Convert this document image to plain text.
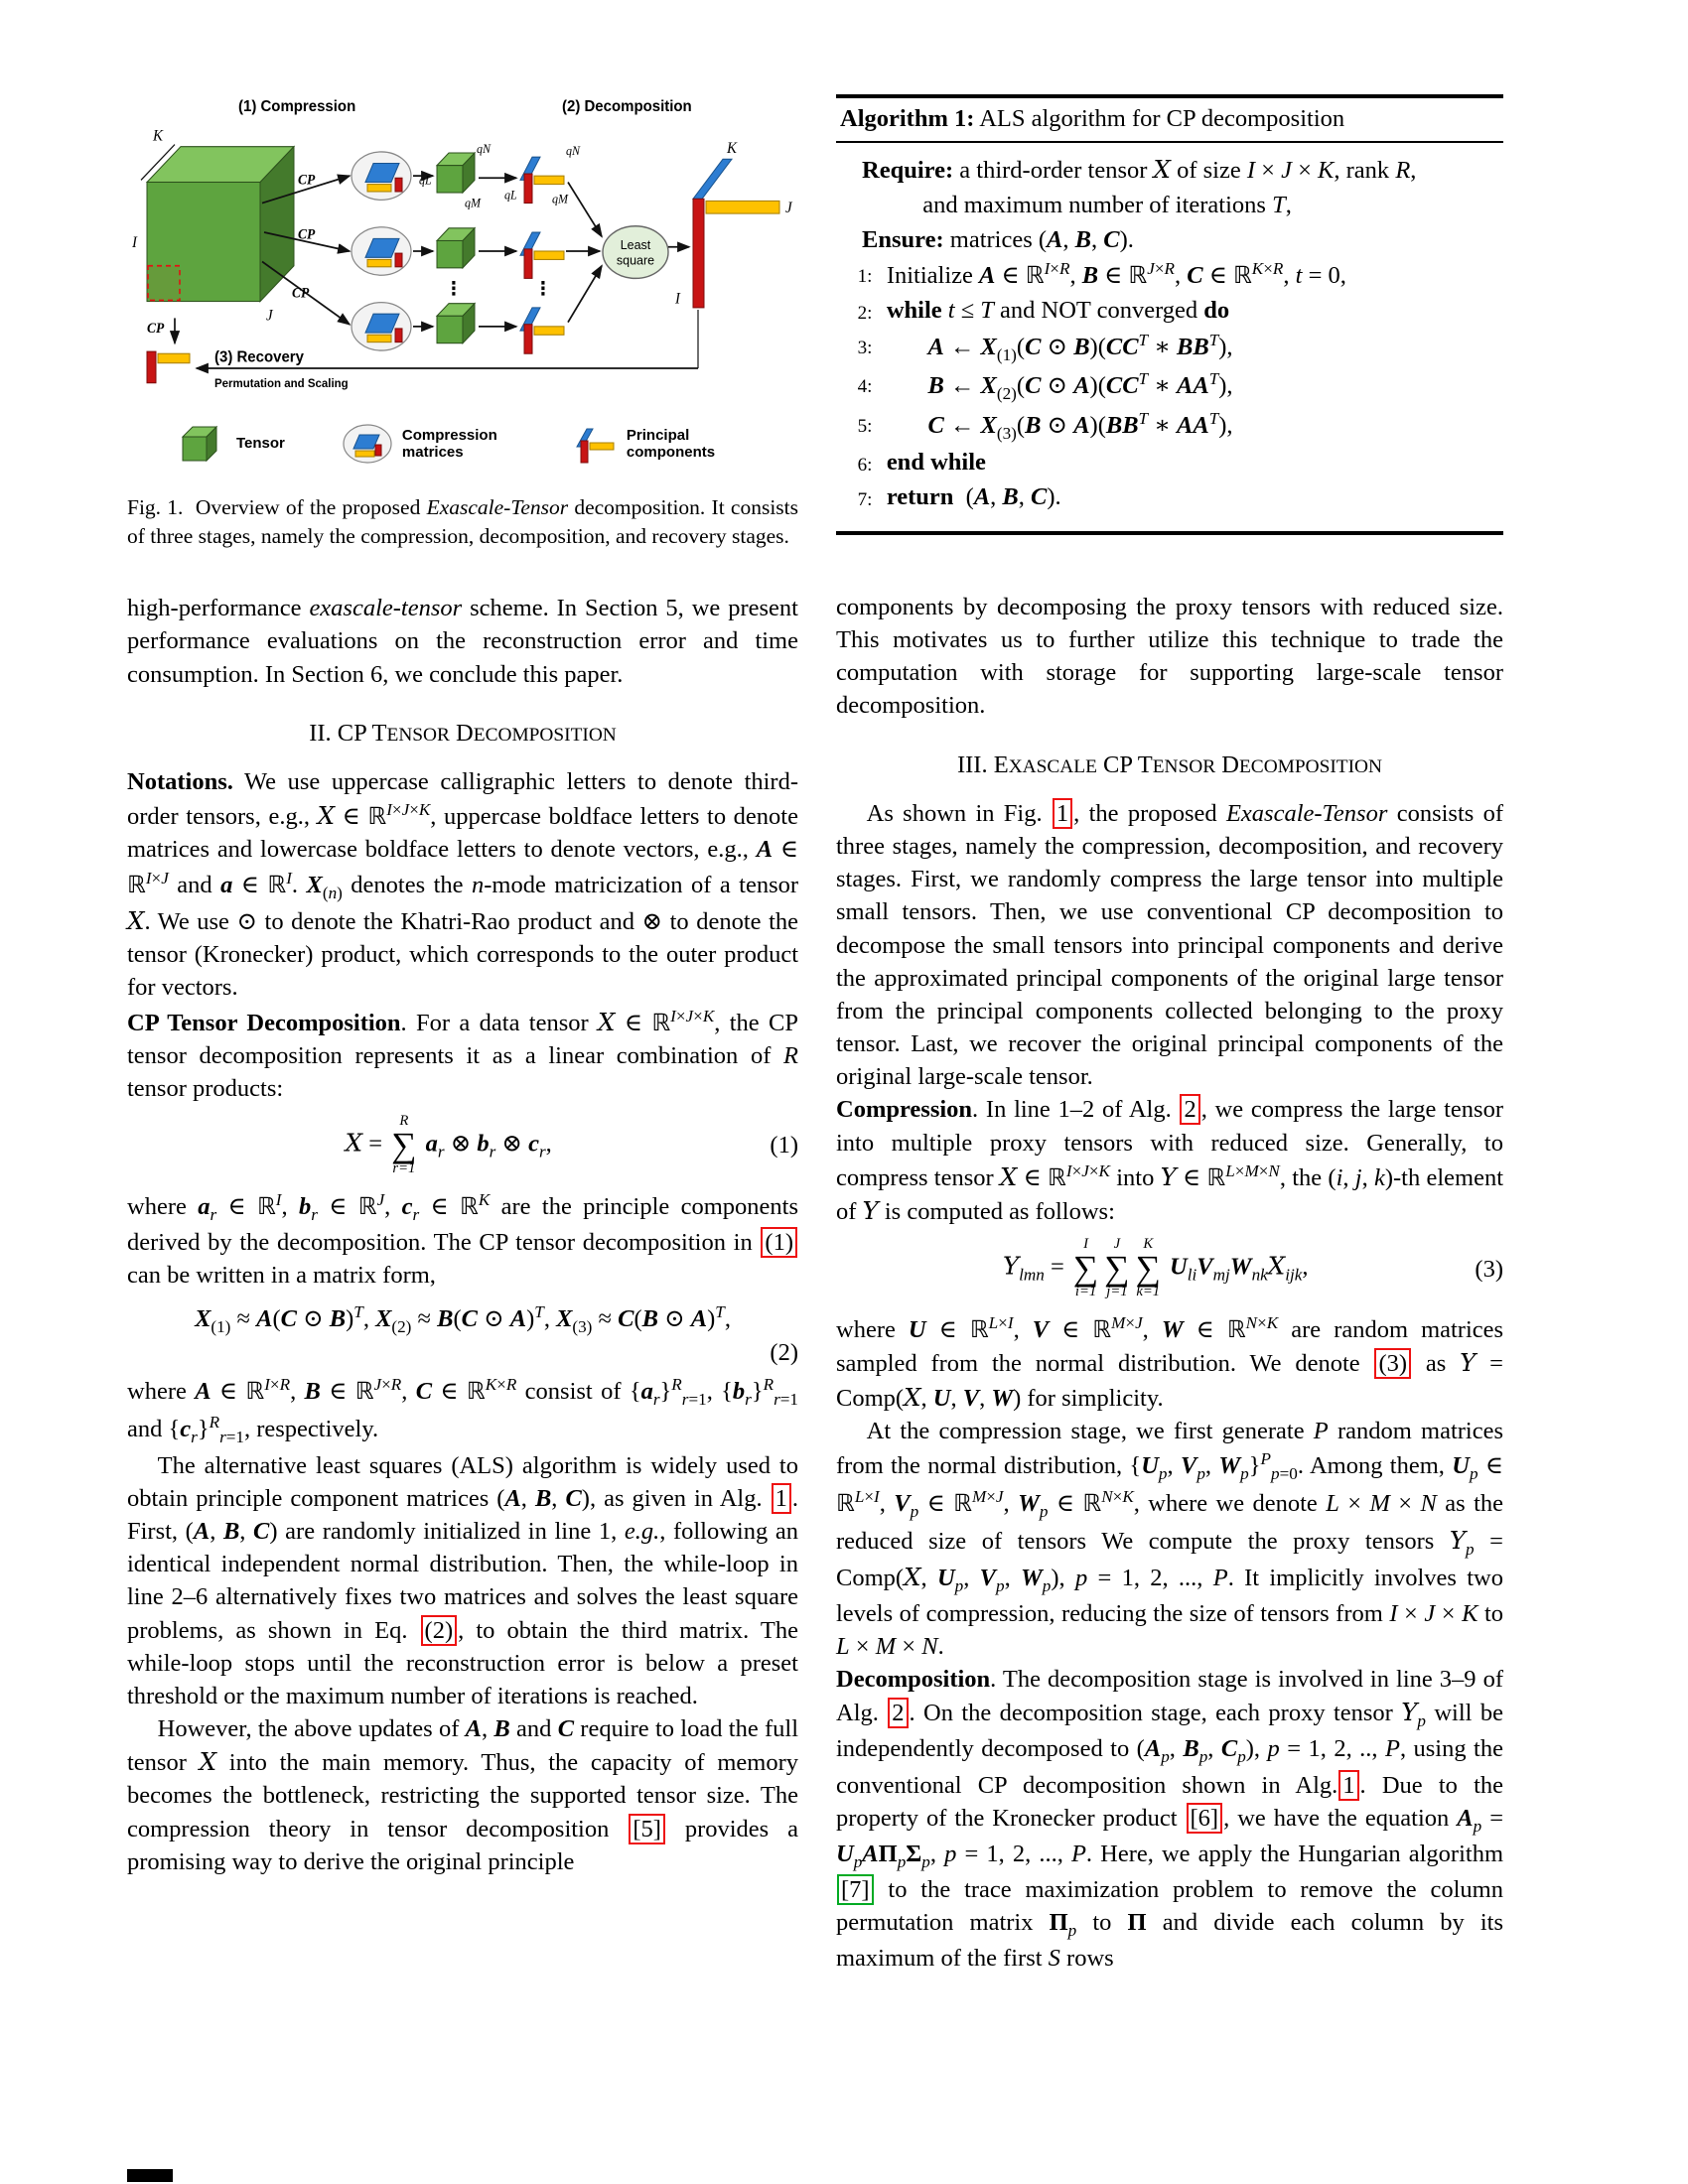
(1) Compression	(2) Decomposition
K
I
J
CP
CP
CP
CP
qN
qL
qM
⋮
qN
qL	qM
⋮
Least
square
K
J
I
(3) Recovery
Permutation and Scaling
Tensor
Compression matrices
Principal components
Fig. 1.  Overview of the proposed Exascale-Tensor decomposition. It consists of three stages, namely the compression, decomposition, and recovery stages.

high-performance exascale-tensor scheme. In Section 5, we present performance evaluations on the reconstruction error and time consumption. In Section 6, we conclude this paper.

II. CP TENSOR DECOMPOSITION

Notations. We use uppercase calligraphic letters to denote third-order tensors, e.g., X ∈ ℝ$^{I\times J\times K}$, uppercase boldface letters to denote matrices and lowercase boldface letters to denote vectors, e.g., A ∈ ℝ$^{I\times J}$ and a ∈ ℝ$^I$. $X_{(n)}$ denotes the n-mode matricization of a tensor X. We use ⊙ to denote the Khatri-Rao product and ⊗ to denote the tensor (Kronecker) product, which corresponds to the outer product for vectors.

CP Tensor Decomposition. For a data tensor X ∈ ℝ$^{I\times J\times K}$, the CP tensor decomposition represents it as a linear combination of R tensor products:

X =
R
∑
r=1
$a_r$ ⊗ $b_r$ ⊗ $c_r$,	(1)

where $a_r$ ∈ ℝ$^I$, $b_r$ ∈ ℝ$^J$, $c_r$ ∈ ℝ$^K$ are the principle components derived by the decomposition. The CP tensor decomposition in (1) can be written in a matrix form,

$X_{(1)} \approx A(C$ ⊙ B)$^T$, $X_{(2)} \approx B(C$ ⊙ A)$^T$, $X_{(3)} \approx C(B$ ⊙ A)$^T$,
(2)

where A ∈ ℝ$^{I\times R}$, B ∈ ℝ$^{J\times R}$, C ∈ ℝ$^{K\times R}$ consist of $\{a_r\}^R_{r=1}$, $\{b_r\}^R_{r=1}$ and $\{c_r\}^R_{r=1}$, respectively.

The alternative least squares (ALS) algorithm is widely used to obtain principle component matrices (A, B, C), as given in Alg. 1 . First, (A, B, C) are randomly initialized in line 1, e.g., following an identical independent normal distribution. Then, the while-loop in line 2–6 alternatively fixes two matrices and solves the least square problems, as shown in Eq. (2) , to obtain the third matrix. The while-loop stops until the reconstruction error is below a preset threshold or the maximum number of iterations is reached.

However, the above updates of A, B and C require to load the full tensor X into the main memory. Thus, the capacity of memory becomes the bottleneck, restricting the supported tensor size. The compression theory in tensor decomposition [5] provides a promising way to derive the original principle

Algorithm 1: ALS algorithm for CP decomposition
Require: a third-order tensor X of size I × J × K, rank R,
and maximum number of iterations T,
Ensure: matrices (A, B, C).
1: Initialize A ∈ ℝ$^{I\times R}$, B ∈ ℝ$^{J\times R}$, C ∈ ℝ$^{K\times R}$, t = 0,
2: while t ≤ T and NOT converged do
3:	A ← $X_{(1)}(C$ ⊙ $B)(CC^T$ ∗ $BB^T$),
4:	B ← $X_{(2)}(C$ ⊙ $A)(CC^T$ ∗ $AA^T$),
5:	C ← $X_{(3)}(B$ ⊙ $A)(BB^T$ ∗ $AA^T$),
6: end while
7: return  (A, B, C).

components by decomposing the proxy tensors with reduced size. This motivates us to further utilize this technique to trade the computation with storage for supporting large-scale tensor decomposition.

III. EXASCALE CP TENSOR DECOMPOSITION

As shown in Fig. 1 , the proposed Exascale-Tensor consists of three stages, namely the compression, decomposition, and recovery stages. First, we randomly compress the large tensor into multiple small tensors. Then, we use conventional CP decomposition to decompose the small tensors into principal components and derive the approximated principal components of the original large tensor from the principal components collected belonging to the proxy tensor. Last, we recover the original principal components of the original large-scale tensor.

Compression. In line 1–2 of Alg. 2 , we compress the large tensor into multiple proxy tensors with reduced size. Generally, to compress tensor X ∈ ℝ$^{I\times J\times K}$ into Y ∈ ℝ$^{L\times M\times N}$, the (i, j, k)-th element of Y is computed as follows:

$Y_{lmn}$ =
I
∑
i=1
J
∑
j=1
K
∑
k=1
$U_{li}V_{mj}W_{nk}X_{ijk}$,	(3)

where U ∈ ℝ$^{L\times I}$, V ∈ ℝ$^{M\times J}$, W ∈ ℝ$^{N\times K}$ are random matrices sampled from the normal distribution. We denote (3) as Y = Comp(X, U, V, W) for simplicity.

At the compression stage, we first generate P random matrices from the normal distribution, {$U_p$, $V_p$, $W_p\}^P_{p=0}$. Among them, $U_p$ ∈ ℝ$^{L\times I}$, $V_p$ ∈ ℝ$^{M\times J}$, $W_p$ ∈ ℝ$^{N\times K}$, where we denote L × M × N as the reduced size of tensors We compute the proxy tensors $Y_p$ = Comp(X, $U_p$, $V_p$, $W_p$), p = 1, 2, ..., P. It implicitly involves two levels of compression, reducing the size of tensors from I × J × K to L × M × N.

Decomposition. The decomposition stage is involved in line 3–9 of Alg. 2 . On the decomposition stage, each proxy tensor $Y_p$ will be independently decomposed to ($A_p$, $B_p$, $C_p$), p = 1, 2, .., P, using the conventional CP decomposition shown in Alg. 1 . Due to the property of the Kronecker product [6] , we have the equation $A_p = U_pA\Pi_p\Sigma_p$, p = 1, 2, ..., P. Here, we apply the Hungarian algorithm [7] to the trace maximization problem to remove the column permutation matrix $\Pi_p$ to Π and divide each column by its maximum of the first S rows
